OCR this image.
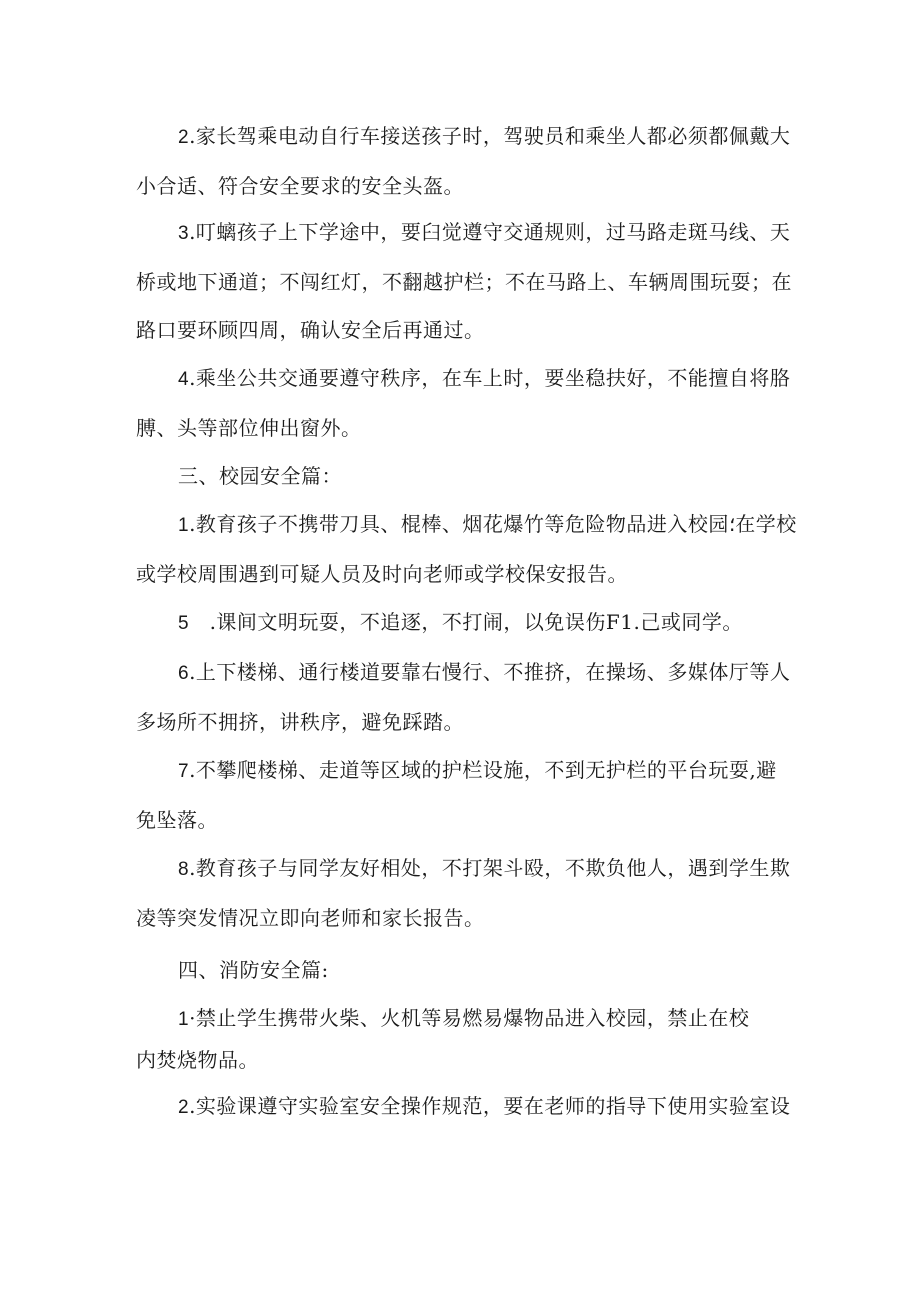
2.家长驾乘电动自行车接送孩子时，驾驶员和乘坐人都必须都佩戴大
小合适、符合安全要求的安全头盔。

3.叮螭孩子上下学途中，要臼觉遵守交通规则，过马路走斑马线、天
桥或地下通道；不闯红灯，不翻越护栏；不在马路上、车辆周围玩耍；在
路口要环顾四周，确认安全后再通过。

4.乘坐公共交通要遵守秩序，在车上时，要坐稳扶好，不能擅自将胳
膊、头等部位伸出窗外。

三、校园安全篇：

1.教育孩子不携带刀具、棍棒、烟花爆竹等危险物品进入校园؛在学校
或学校周围遇到可疑人员及时向老师或学校保安报告。

5　.课间文明玩耍，不追逐，不打闹，以免误伤F1.己或同学。

6.上下楼梯、通行楼道要靠右慢行、不推挤，在操场、多媒体厅等人
多场所不拥挤，讲秩序，避免踩踏。

7.不攀爬楼梯、走道等区域的护栏设施，不到无护栏的平台玩耍,避
免坠落。

8.教育孩子与同学友好相处，不打架斗殴，不欺负他人，遇到学生欺
凌等突发情况立即向老师和家长报告。

四、消防安全篇:

1·禁止学生携带火柴、火机等易燃易爆物品进入校园，禁止在校
内焚烧物品。

2.实验课遵守实验室安全操作规范，要在老师的指导下使用实验室设
